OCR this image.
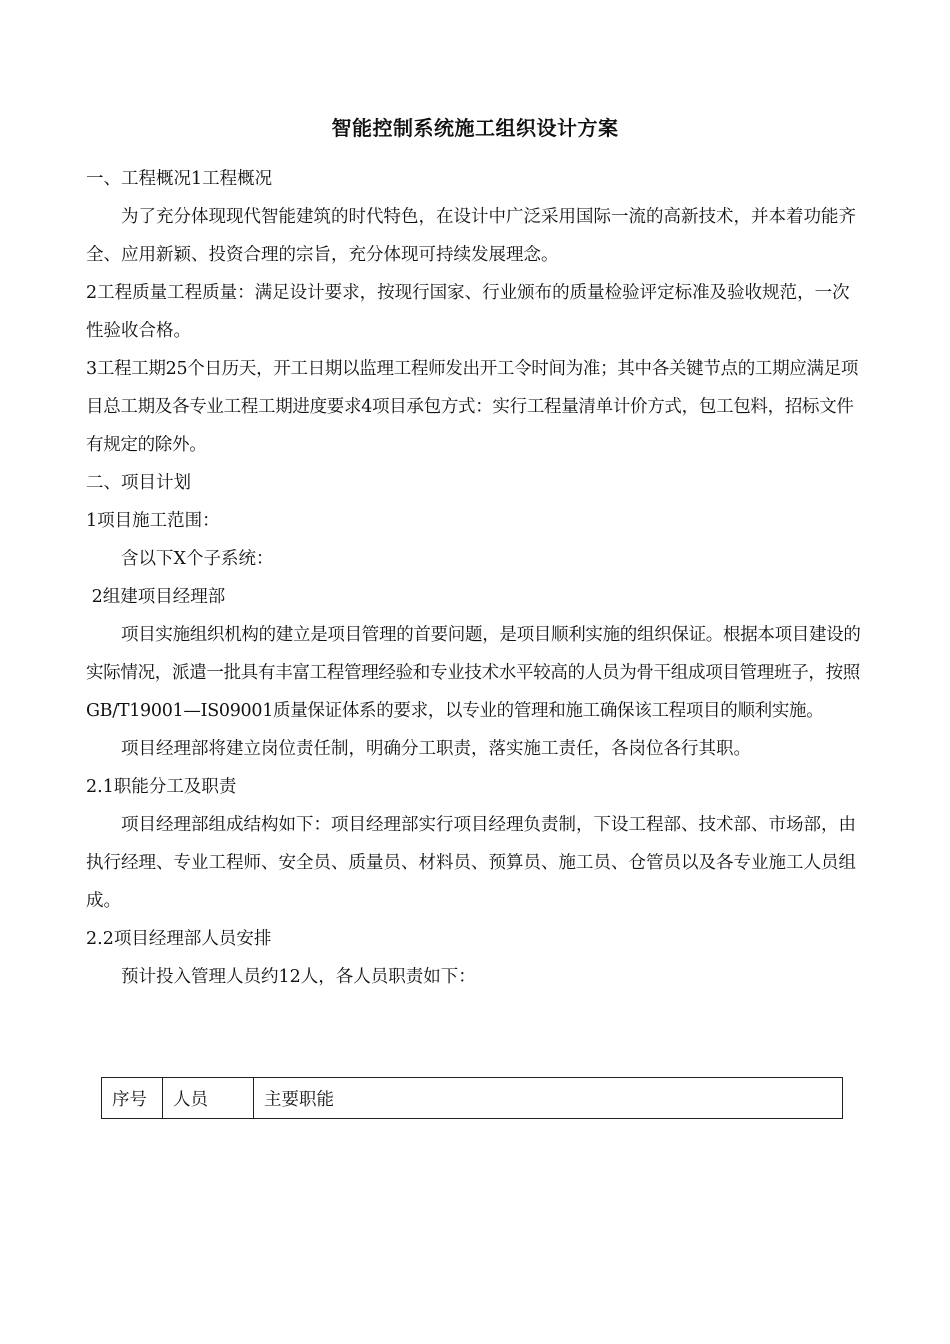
智能控制系统施工组织设计方案

一、工程概况1工程概况

为了充分体现现代智能建筑的时代特色，在设计中广泛采用国际一流的高新技术，并本着功能齐全、应用新颖、投资合理的宗旨，充分体现可持续发展理念。

2工程质量工程质量：满足设计要求，按现行国家、行业颁布的质量检验评定标准及验收规范，一次性验收合格。

3工程工期25个日历天，开工日期以监理工程师发出开工令时间为准；其中各关键节点的工期应满足项目总工期及各专业工程工期进度要求4项目承包方式：实行工程量清单计价方式，包工包料，招标文件有规定的除外。

二、项目计划

1项目施工范围：

含以下X个子系统：

2组建项目经理部

项目实施组织机构的建立是项目管理的首要问题，是项目顺利实施的组织保证。根据本项目建设的实际情况，派遣一批具有丰富工程管理经验和专业技术水平较高的人员为骨干组成项目管理班子，按照GB/T19001—IS09001质量保证体系的要求，以专业的管理和施工确保该工程项目的顺利实施。

项目经理部将建立岗位责任制，明确分工职责，落实施工责任，各岗位各行其职。

2.1职能分工及职责

项目经理部组成结构如下：项目经理部实行项目经理负责制，下设工程部、技术部、市场部，由执行经理、专业工程师、安全员、质量员、材料员、预算员、施工员、仓管员以及各专业施工人员组成。

2.2项目经理部人员安排

预计投入管理人员约12人，各人员职责如下：

序号	人员	主要职能
